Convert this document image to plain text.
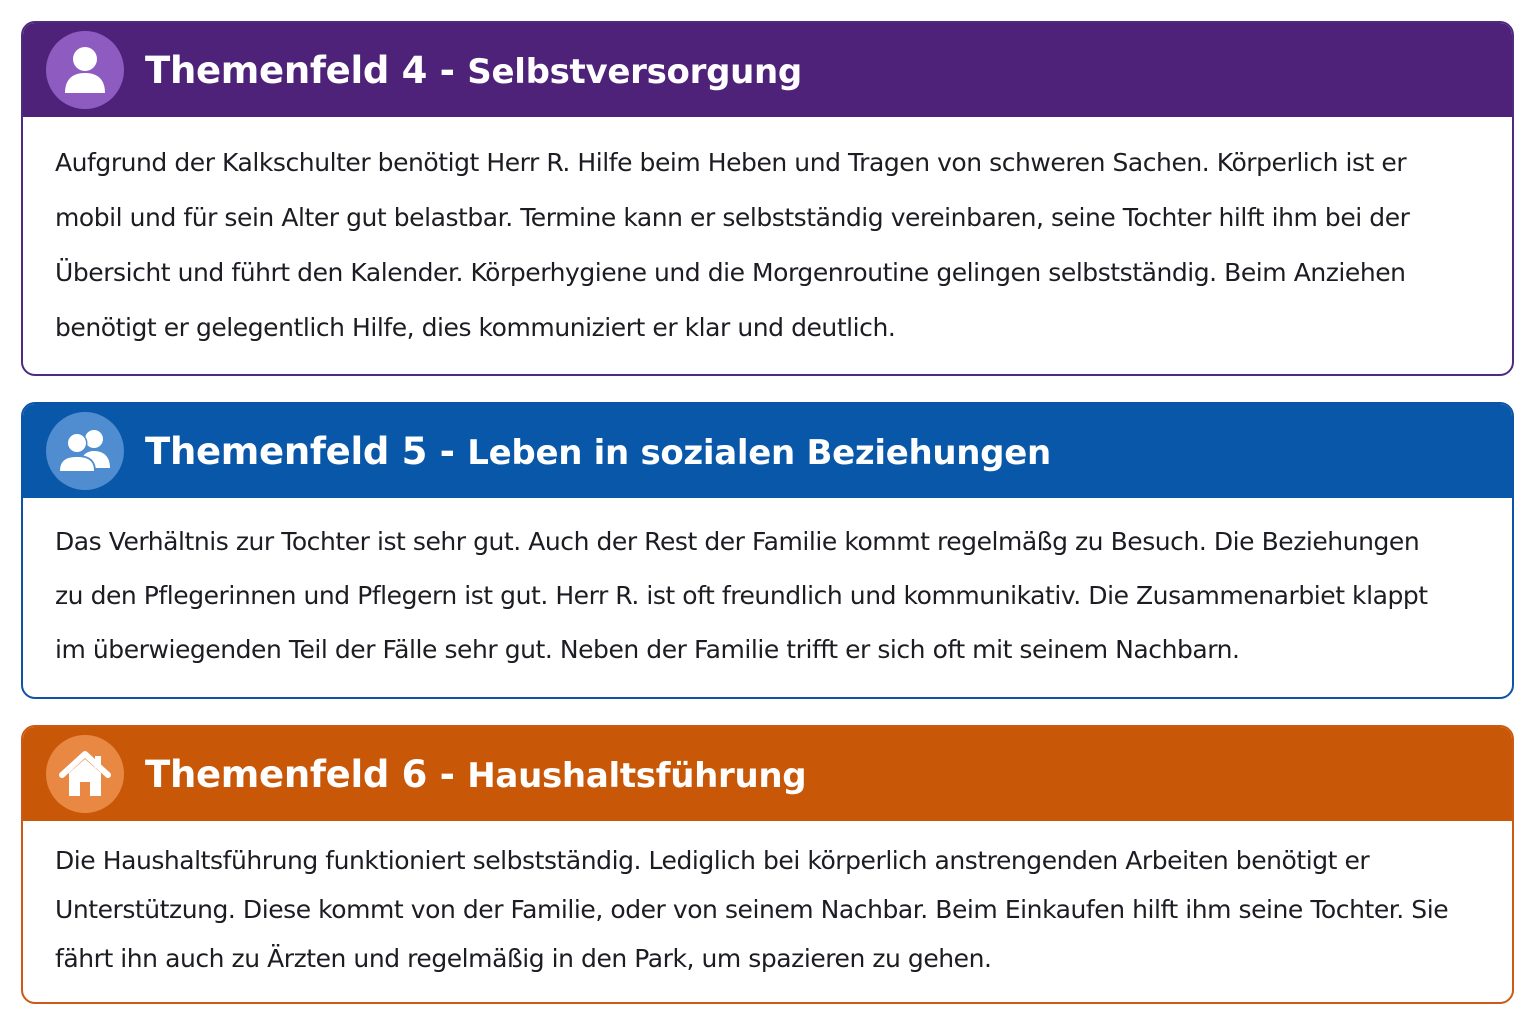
Themenfeld 4 - Selbstversorgung
Aufgrund der Kalkschulter benötigt Herr R. Hilfe beim Heben und Tragen von schweren Sachen. Körperlich ist er
mobil und für sein Alter gut belastbar. Termine kann er selbstständig vereinbaren, seine Tochter hilft ihm bei der
Übersicht und führt den Kalender. Körperhygiene und die Morgenroutine gelingen selbstständig. Beim Anziehen
benötigt er gelegentlich Hilfe, dies kommuniziert er klar und deutlich.
Themenfeld 5 - Leben in sozialen Beziehungen
Das Verhältnis zur Tochter ist sehr gut. Auch der Rest der Familie kommt regelmäßg zu Besuch. Die Beziehungen
zu den Pflegerinnen und Pflegern ist gut. Herr R. ist oft freundlich und kommunikativ. Die Zusammenarbiet klappt
im überwiegenden Teil der Fälle sehr gut. Neben der Familie trifft er sich oft mit seinem Nachbarn.
Themenfeld 6 - Haushaltsführung
Die Haushaltsführung funktioniert selbstständig. Lediglich bei körperlich anstrengenden Arbeiten benötigt er
Unterstützung. Diese kommt von der Familie, oder von seinem Nachbar. Beim Einkaufen hilft ihm seine Tochter. Sie
fährt ihn auch zu Ärzten und regelmäßig in den Park, um spazieren zu gehen.
